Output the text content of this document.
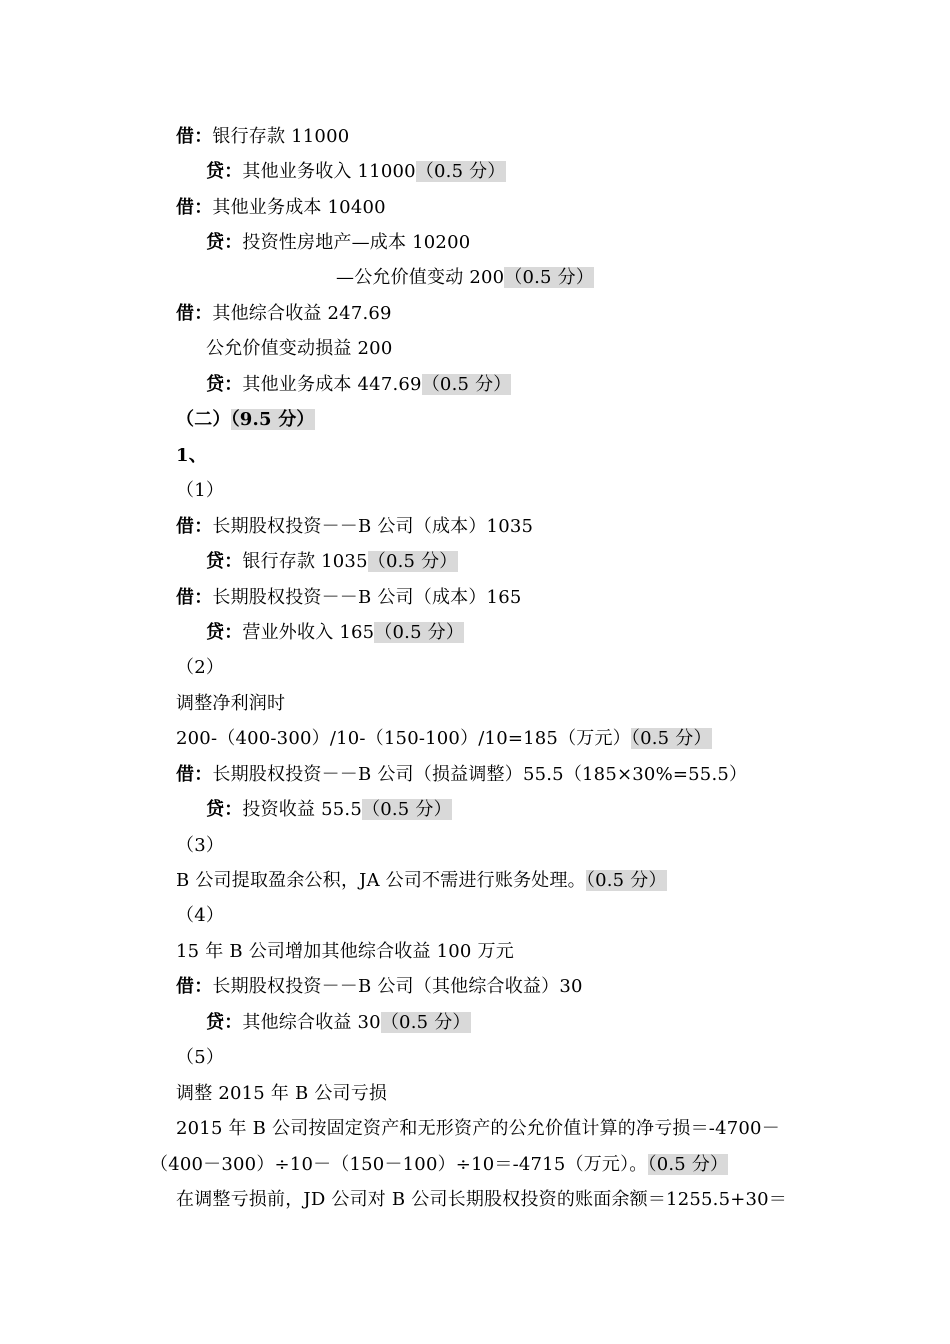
借：银行存款 11000
贷：其他业务收入 11000（0.5 分）
借：其他业务成本 10400
贷：投资性房地产—成本 10200
—公允价值变动 200（0.5 分）
借：其他综合收益 247.69
公允价值变动损益 200
贷：其他业务成本 447.69（0.5 分）
（二）（9.5 分）
1、
（1）
借：长期股权投资－－B 公司（成本）1035
贷：银行存款 1035（0.5 分）
借：长期股权投资－－B 公司（成本）165
贷：营业外收入 165（0.5 分）
（2）
调整净利润时
200-（400-300）/10-（150-100）/10=185（万元）（0.5 分）
借：长期股权投资－－B 公司（损益调整）55.5（185×30%=55.5）
贷：投资收益 55.5（0.5 分）
（3）
B 公司提取盈余公积，JA 公司不需进行账务处理。（0.5 分）
（4）
15 年 B 公司增加其他综合收益 100 万元
借：长期股权投资－－B 公司（其他综合收益）30
贷：其他综合收益 30（0.5 分）
（5）
调整 2015 年 B 公司亏损
2015 年 B 公司按固定资产和无形资产的公允价值计算的净亏损＝-4700－
（400－300）÷10－（150－100）÷10＝-4715（万元）。（0.5 分）
在调整亏损前，JD 公司对 B 公司长期股权投资的账面余额＝1255.5+30＝
